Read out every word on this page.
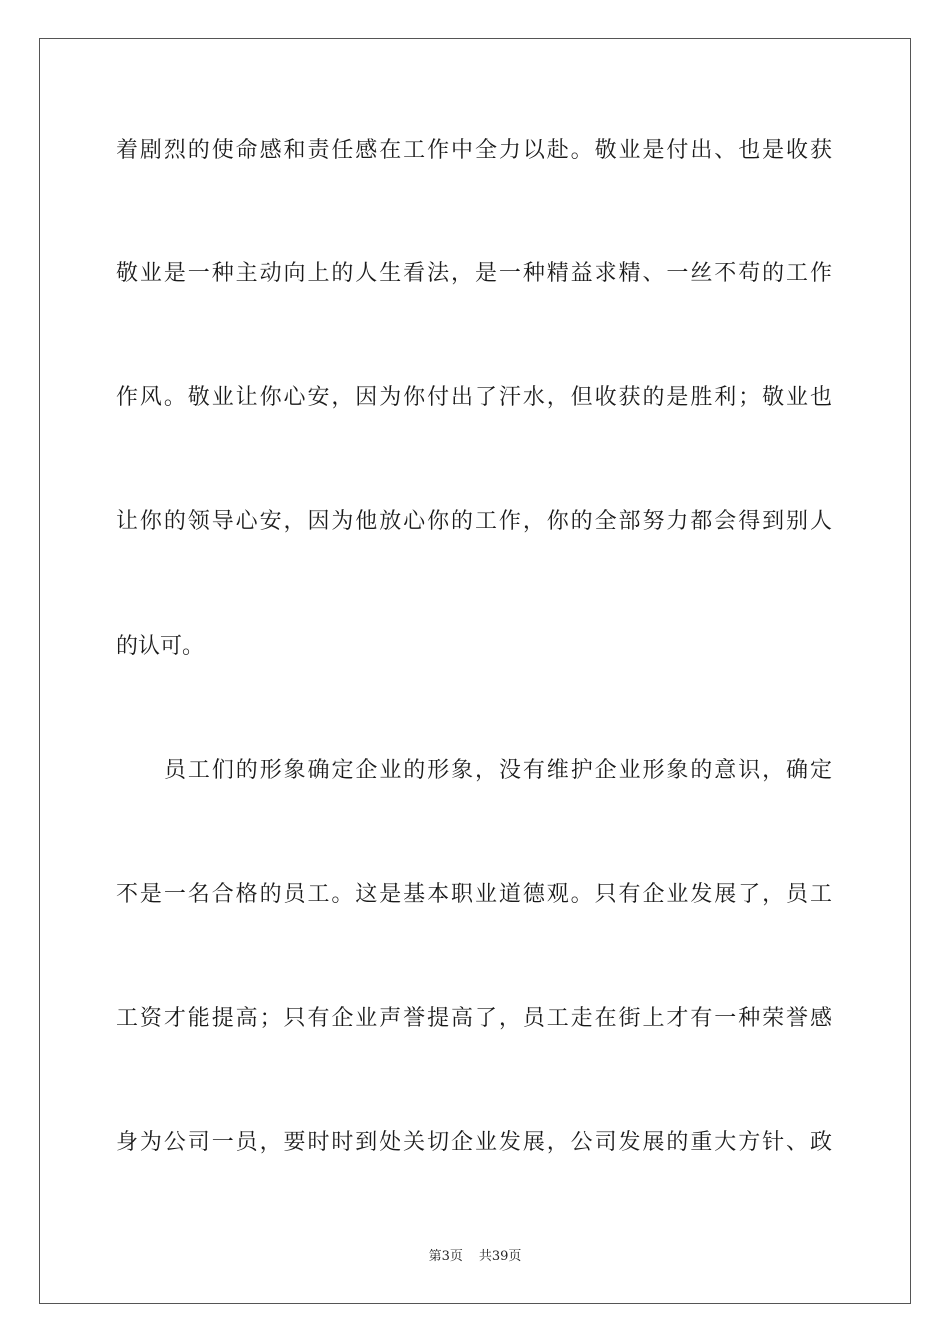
着剧烈的使命感和责任感在工作中全力以赴。敬业是付出、也是收获
敬业是一种主动向上的人生看法，是一种精益求精、一丝不苟的工作
作风。敬业让你心安，因为你付出了汗水，但收获的是胜利；敬业也
让你的领导心安，因为他放心你的工作，你的全部努力都会得到别人
的认可。
员工们的形象确定企业的形象，没有维护企业形象的意识，确定
不是一名合格的员工。这是基本职业道德观。只有企业发展了，员工
工资才能提高；只有企业声誉提高了，员工走在街上才有一种荣誉感
身为公司一员，要时时到处关切企业发展，公司发展的重大方针、政
第3页 共39页
